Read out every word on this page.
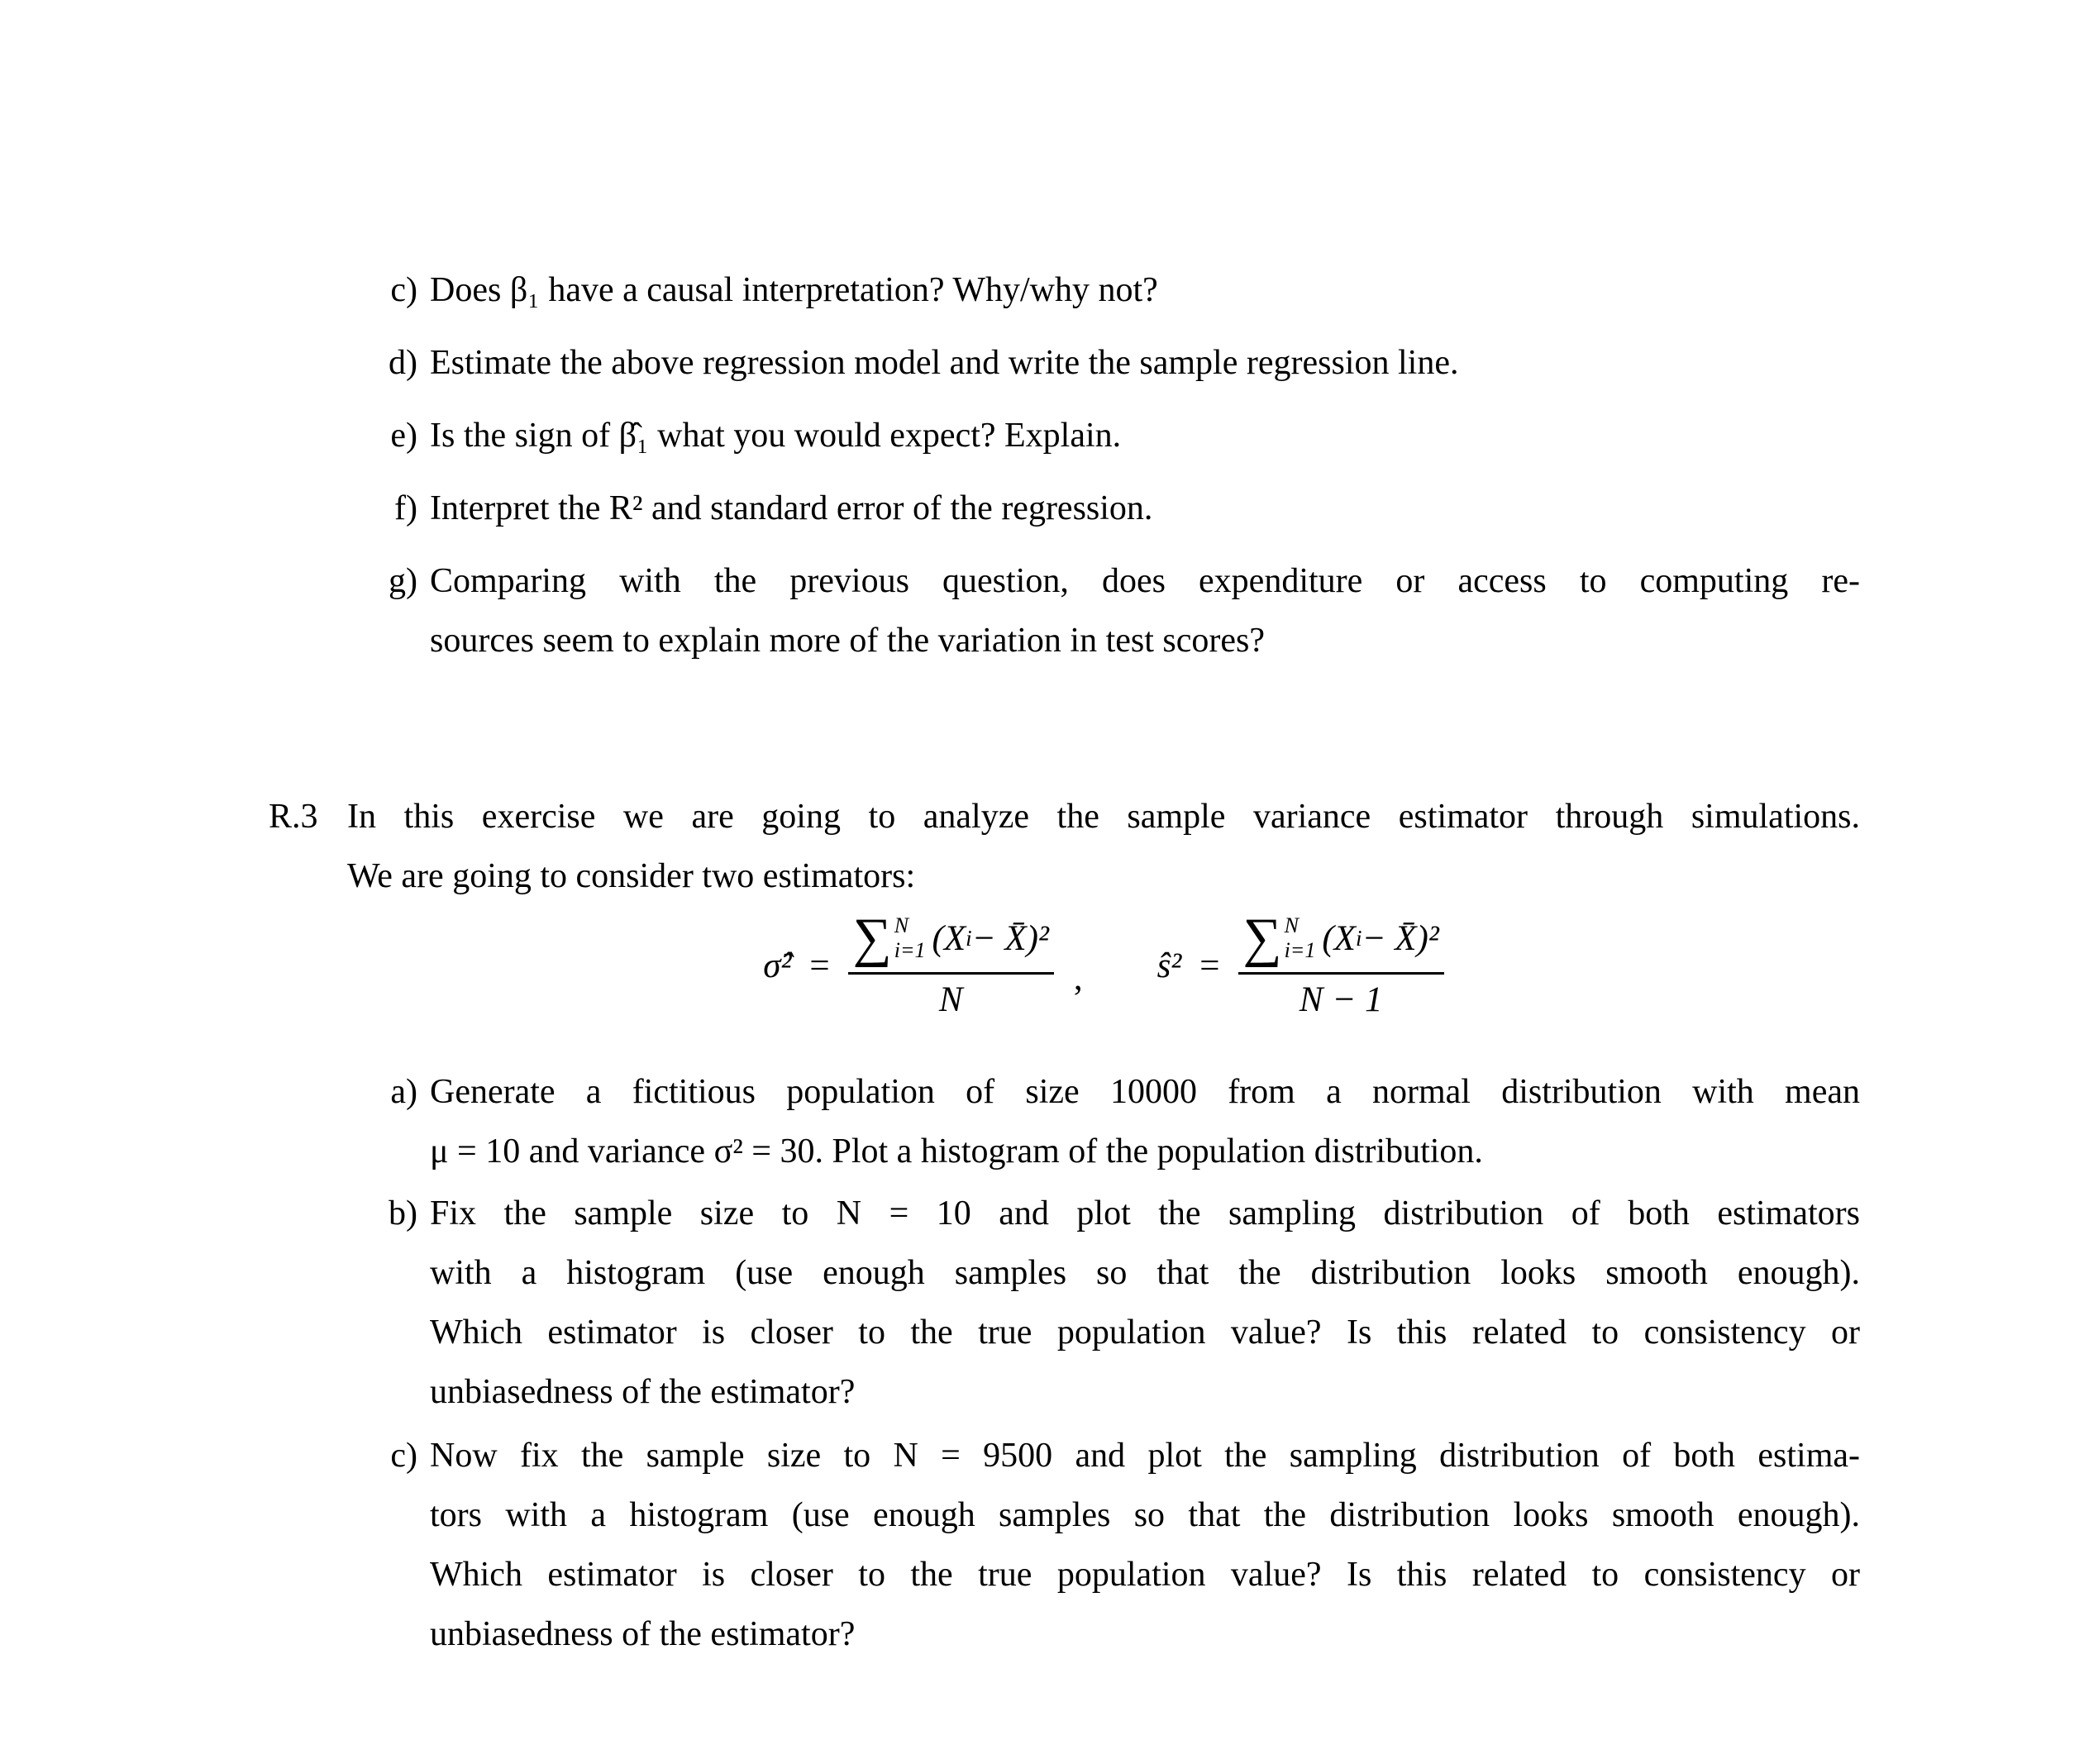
c) Does β₁ have a causal interpretation? Why/why not?
d) Estimate the above regression model and write the sample regression line.
e) Is the sign of β̂₁ what you would expect? Explain.
f) Interpret the R² and standard error of the regression.
g) Comparing with the previous question, does expenditure or access to computing re-
sources seem to explain more of the variation in test scores?
R.3 In this exercise we are going to analyze the sample variance estimator through simulations.
We are going to consider two estimators:
σ̂² = ∑ N
i=1 (X i − X̄)²
N
, ŝ² = ∑ N
i=1 (X i − X̄)²
N − 1
a) Generate a fictitious population of size 10000 from a normal distribution with mean
μ = 10 and variance σ² = 30. Plot a histogram of the population distribution.
b) Fix the sample size to N = 10 and plot the sampling distribution of both estimators
with a histogram (use enough samples so that the distribution looks smooth enough).
Which estimator is closer to the true population value? Is this related to consistency or
unbiasedness of the estimator?
c) Now fix the sample size to N = 9500 and plot the sampling distribution of both estima-
tors with a histogram (use enough samples so that the distribution looks smooth enough).
Which estimator is closer to the true population value? Is this related to consistency or
unbiasedness of the estimator?
